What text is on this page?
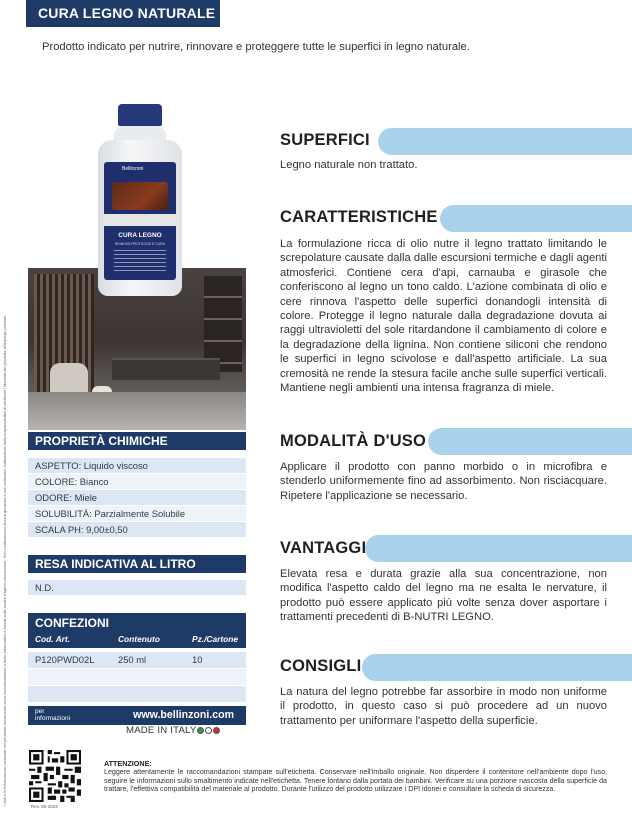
CURA LEGNO NATURALE
Prodotto indicato per nutrire, rinnovare e proteggere tutte le superfici in legno naturale.
Bellinzoni
CURA LEGNO
RINNOVA PROTEGGE E CURA
I dati e le informazioni contenuti nel presente documento sono esclusivamente a titolo informativo e basati sulle nostre migliori conoscenze. Non costituiscono alcuna garanzia e non sollevano l'utilizzatore dalla responsabilità di verificare l'idoneità del prodotto all'impiego previsto.	PROPRIETÀ CHIMICHE
ASPETTO: Liquido viscoso
COLORE: Bianco
ODORE: Miele
SOLUBILITÀ: Parzialmente Solubile
SCALA PH: 9,00±0,50
RESA INDICATIVA AL LITRO
N.D.
CONFEZIONI
Cod. Art.	Contenuto	Pz./Cartone
P120PWD02L	250 ml	10
per
informazioni	www.bellinzoni.com
MADE IN ITALY
Rev. 00-2023
ATTENZIONE:
Leggere attentamente le raccomandazioni stampate sull'etichetta. Conservare nell'imballo originale. Non disperdere il contenitore nell'ambiente dopo l'uso, seguire le informazioni sullo smaltimento indicate nell'etichetta. Tenere lontano dalla portata dei bambini. Verificare su una porzione nascosta della superficie da trattare, l'effettiva compatibilità del materiale al prodotto. Durante l'utilizzo del prodotto utilizzare i DPI idonei e consultare la scheda di sicurezza.
SUPERFICI
Legno naturale non trattato.
CARATTERISTICHE
La formulazione ricca di olio nutre il legno trattato limitando le screpolature causate dalla dalle escursioni termiche e dagli agenti atmosferici. Contiene cera d'api, carnauba e girasole che conferiscono al legno un tono caldo. L'azione combinata di olio e cere rinnova l'aspetto delle superfici donandogli intensità di colore. Protegge il legno naturale dalla degradazione dovuta ai raggi ultravioletti del sole ritardandone il cambiamento di colore e la degradazione della lignina. Non contiene siliconi che rendono le superfici in legno scivolose e dall'aspetto artificiale. La sua cremosità ne rende la stesura facile anche sulle superfici verticali. Mantiene negli ambienti una intensa fragranza di miele.
MODALITÀ D'USO
Applicare il prodotto con panno morbido o in microfibra e stenderlo uniformemente fino ad assorbimento. Non risciacquare. Ripetere l'applicazione se necessario.
VANTAGGI
Elevata resa e durata grazie alla sua concentrazione, non modifica l'aspetto caldo del legno ma ne esalta le nervature, il prodotto può essere applicato più volte senza dover asportare i trattamenti precedenti di B-NUTRI LEGNO.
CONSIGLI
La natura del legno potrebbe far assorbire in modo non uniforme il prodotto, in questo caso si può procedere ad un nuovo trattamento per uniformare l'aspetto della superficie.
